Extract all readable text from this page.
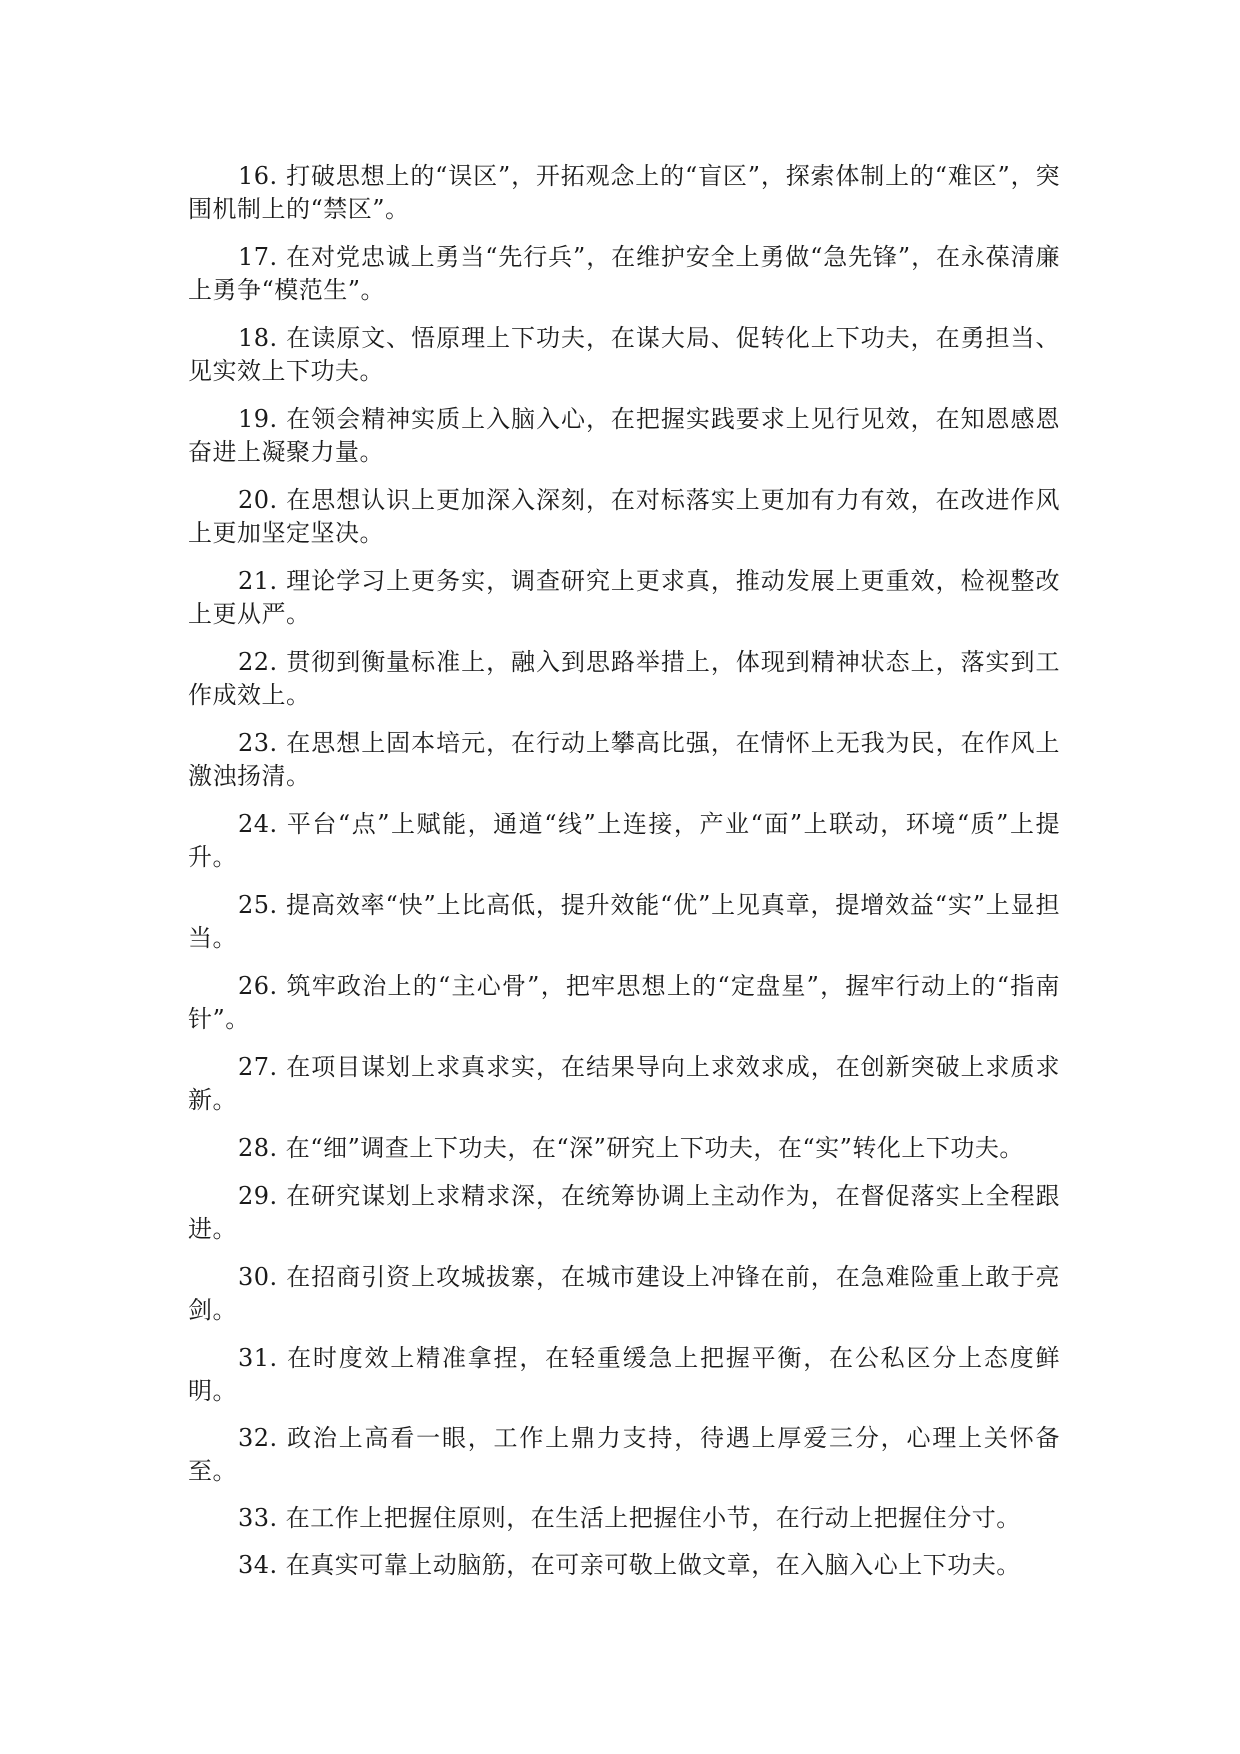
16. 打破思想上的“误区”，开拓观念上的“盲区”，探索体制上的“难区”，突围机制上的“禁区”。

17. 在对党忠诚上勇当“先行兵”，在维护安全上勇做“急先锋”，在永葆清廉上勇争“模范生”。

18. 在读原文、悟原理上下功夫，在谋大局、促转化上下功夫，在勇担当、见实效上下功夫。

19. 在领会精神实质上入脑入心，在把握实践要求上见行见效，在知恩感恩奋进上凝聚力量。

20. 在思想认识上更加深入深刻，在对标落实上更加有力有效，在改进作风上更加坚定坚决。

21. 理论学习上更务实，调查研究上更求真，推动发展上更重效，检视整改上更从严。

22. 贯彻到衡量标准上，融入到思路举措上，体现到精神状态上，落实到工作成效上。

23. 在思想上固本培元，在行动上攀高比强，在情怀上无我为民，在作风上激浊扬清。

24. 平台“点”上赋能，通道“线”上连接，产业“面”上联动，环境“质”上提升。

25. 提高效率“快”上比高低，提升效能“优”上见真章，提增效益“实”上显担当。

26. 筑牢政治上的“主心骨”，把牢思想上的“定盘星”，握牢行动上的“指南针”。

27. 在项目谋划上求真求实，在结果导向上求效求成，在创新突破上求质求新。

28. 在“细”调查上下功夫，在“深”研究上下功夫，在“实”转化上下功夫。

29. 在研究谋划上求精求深，在统筹协调上主动作为，在督促落实上全程跟进。

30. 在招商引资上攻城拔寨，在城市建设上冲锋在前，在急难险重上敢于亮剑。

31. 在时度效上精准拿捏，在轻重缓急上把握平衡，在公私区分上态度鲜明。

32. 政治上高看一眼，工作上鼎力支持，待遇上厚爱三分，心理上关怀备至。

33. 在工作上把握住原则，在生活上把握住小节，在行动上把握住分寸。

34. 在真实可靠上动脑筋，在可亲可敬上做文章，在入脑入心上下功夫。
